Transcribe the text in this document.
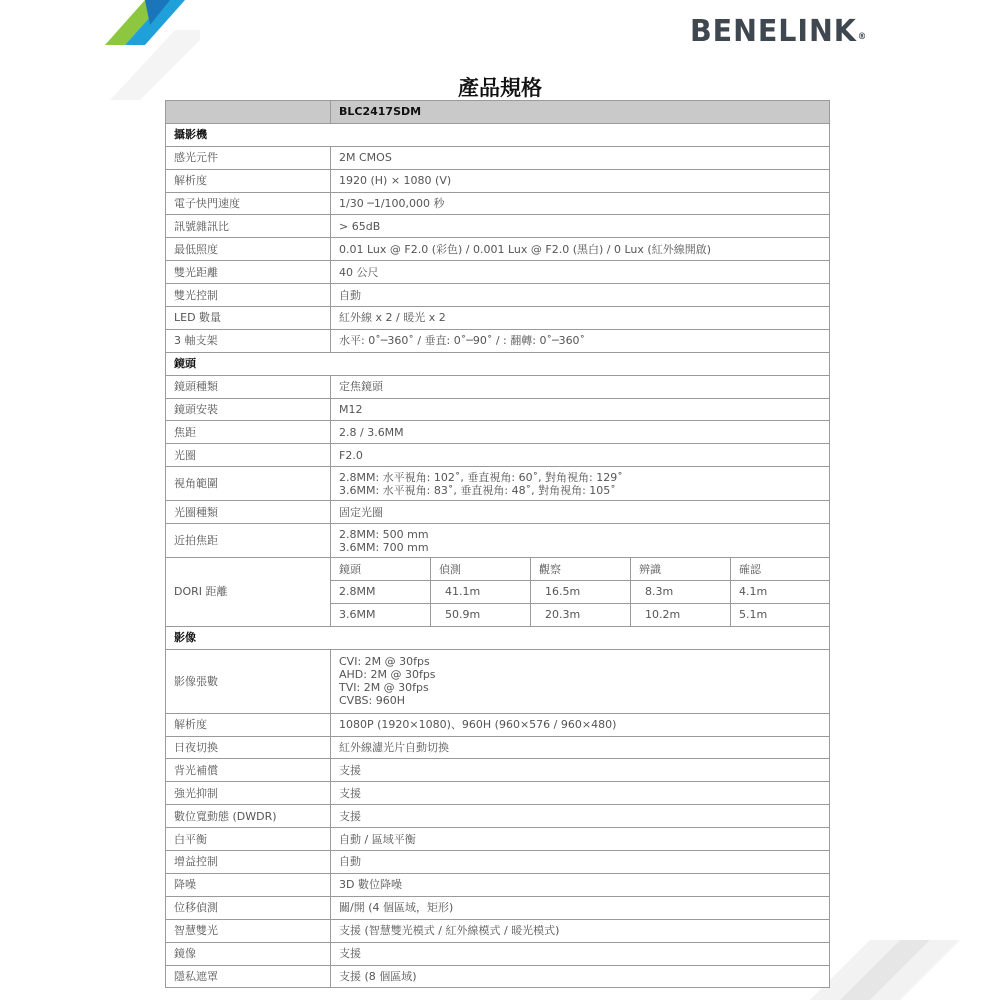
BENELINK®
產品規格
	BLC2417SDM				
攝影機					
感光元件	2M CMOS				
解析度	1920 (H) × 1080 (V)				
電子快門速度	1/30 ─1/100,000 秒				
訊號雜訊比	> 65dB				
最低照度	0.01 Lux @ F2.0 (彩色) / 0.001 Lux @ F2.0 (黑白) / 0 Lux (紅外線開啟)				
雙光距離	40 公尺				
雙光控制	自動				
LED 數量	紅外線 x 2 / 暖光 x 2				
3 軸支架	水平: 0˚─360˚ / 垂直: 0˚─90˚ / : 翻轉: 0˚─360˚				
鏡頭					
鏡頭種類	定焦鏡頭				
鏡頭安裝	M12				
焦距	2.8 / 3.6MM				
光圈	F2.0				
視角範圍	2.8MM: 水平視角: 102˚, 垂直視角: 60˚, 對角視角: 129˚
3.6MM: 水平視角: 83˚, 垂直視角: 48˚, 對角視角: 105˚				

光圈種類	固定光圈				
近拍焦距	2.8MM: 500 mm
3.6MM: 700 mm				

DORI 距離	鏡頭	偵測	觀察	辨識	確認
	2.8MM	41.1m	16.5m	8.3m	4.1m
	3.6MM	50.9m	20.3m	10.2m	5.1m
影像					
影像張數	CVI: 2M @ 30fps
AHD: 2M @ 30fps
TVI: 2M @ 30fps
CVBS: 960H				

解析度	1080P (1920×1080)、960H (960×576 / 960×480)				
日夜切換	紅外線濾光片自動切換				
背光補償	支援				
強光抑制	支援				
數位寬動態 (DWDR)	支援				
白平衡	自動 / 區域平衡				
增益控制	自動				
降噪	3D 數位降噪				
位移偵測	關/開 (4 個區域，矩形)				
智慧雙光	支援 (智慧雙光模式 / 紅外線模式 / 暖光模式)				
鏡像	支援				
隱私遮罩	支援 (8 個區域)				
